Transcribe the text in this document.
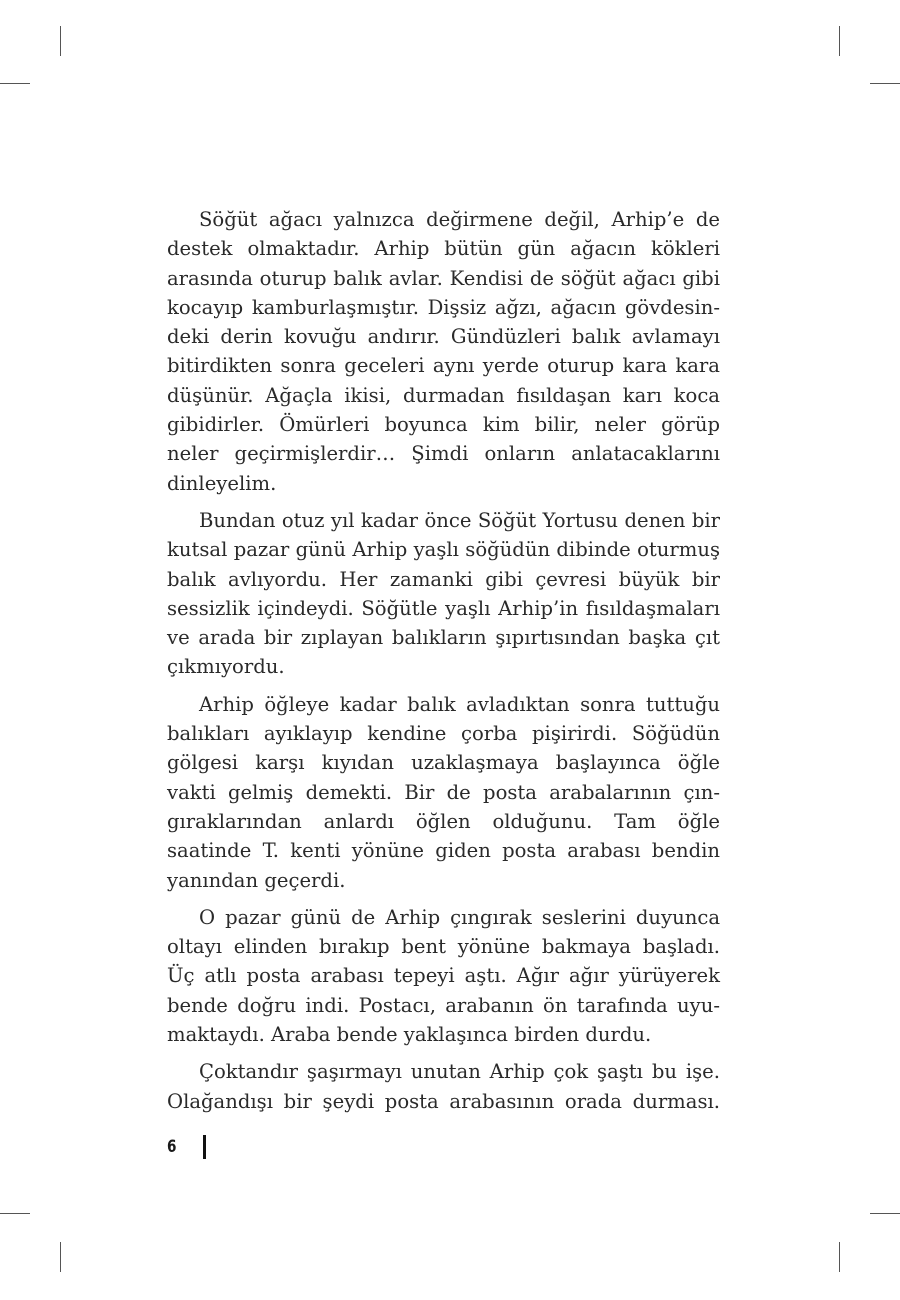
Söğüt ağacı yalnızca değirmene değil, Arhip’e de destek olmaktadır. Arhip bütün gün ağacın kökleri arasında oturup balık avlar. Kendisi de söğüt ağacı gibi kocayıp kamburlaşmıştır. Dişsiz ağzı, ağacın gövdesindeki derin kovuğu andırır. Gündüzleri balık avlamayı bitirdikten sonra geceleri aynı yerde oturup kara kara düşünür. Ağaçla ikisi, durmadan fısıldaşan karı koca gibidirler. Ömürleri boyunca kim bilir, neler görüp neler geçirmişlerdir… Şimdi onların anlatacaklarını dinleyelim.

Bundan otuz yıl kadar önce Söğüt Yortusu denen bir kutsal pazar günü Arhip yaşlı söğüdün dibinde oturmuş balık avlıyordu. Her zamanki gibi çevresi büyük bir sessizlik içindeydi. Söğütle yaşlı Arhip’in fısıldaşmaları ve arada bir zıplayan balıkların şıpırtısından başka çıt çıkmıyordu.

Arhip öğleye kadar balık avladıktan sonra tuttuğu balıkları ayıklayıp kendine çorba pişirirdi. Söğüdün gölgesi karşı kıyıdan uzaklaşmaya başlayınca öğle vakti gelmiş demekti. Bir de posta arabalarının çıngıraklarından anlardı öğlen olduğunu. Tam öğle saatinde T. kenti yönüne giden posta arabası bendin yanından geçerdi.

O pazar günü de Arhip çıngırak seslerini duyunca oltayı elinden bırakıp bent yönüne bakmaya başladı. Üç atlı posta arabası tepeyi aştı. Ağır ağır yürüyerek bende doğru indi. Postacı, arabanın ön tarafında uyumaktaydı. Araba bende yaklaşınca birden durdu.

Çoktandır şaşırmayı unutan Arhip çok şaştı bu işe. Olağandışı bir şeydi posta arabasının orada durması.

6
